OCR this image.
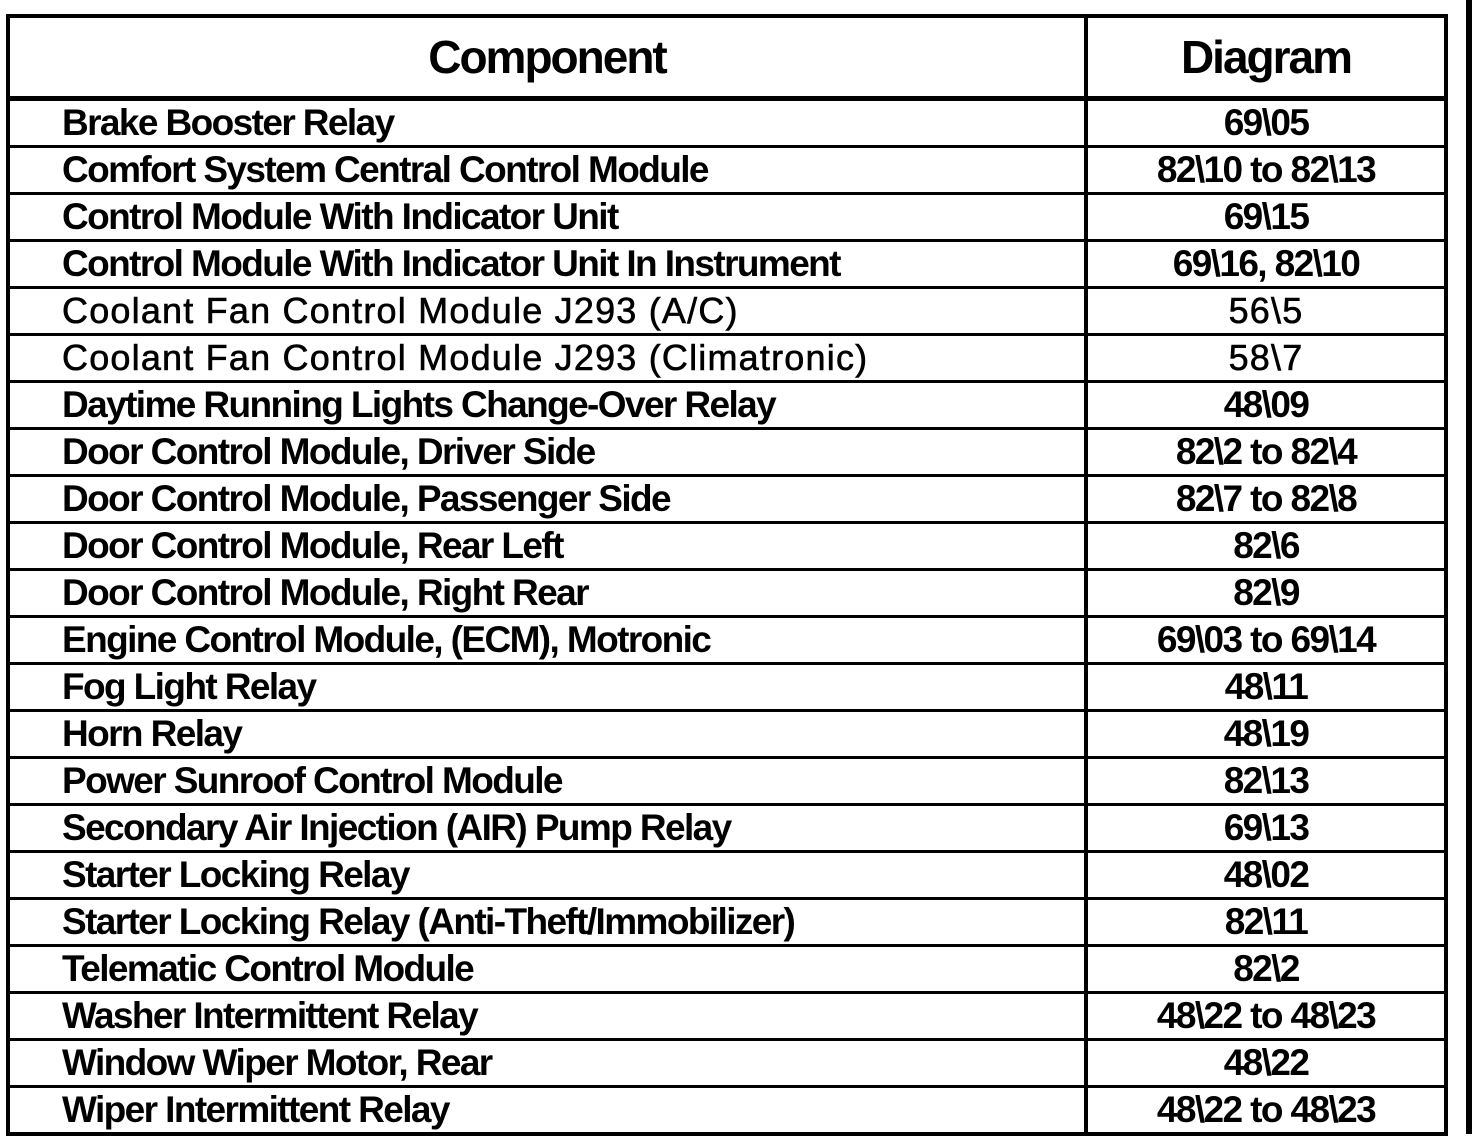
Component	Diagram
Brake Booster Relay	69\05
Comfort System Central Control Module	82\10 to 82\13
Control Module With Indicator Unit	69\15
Control Module With Indicator Unit In Instrument	69\16, 82\10
Coolant Fan Control Module J293 (A/C)	56\5
Coolant Fan Control Module J293 (Climatronic)	58\7
Daytime Running Lights Change-Over Relay	48\09
Door Control Module, Driver Side	82\2 to 82\4
Door Control Module, Passenger Side	82\7 to 82\8
Door Control Module, Rear Left	82\6
Door Control Module, Right Rear	82\9
Engine Control Module, (ECM), Motronic	69\03 to 69\14
Fog Light Relay	48\11
Horn Relay	48\19
Power Sunroof Control Module	82\13
Secondary Air Injection (AIR) Pump Relay	69\13
Starter Locking Relay	48\02
Starter Locking Relay (Anti-Theft/Immobilizer)	82\11
Telematic Control Module	82\2
Washer Intermittent Relay	48\22 to 48\23
Window Wiper Motor, Rear	48\22
Wiper Intermittent Relay	48\22 to 48\23
